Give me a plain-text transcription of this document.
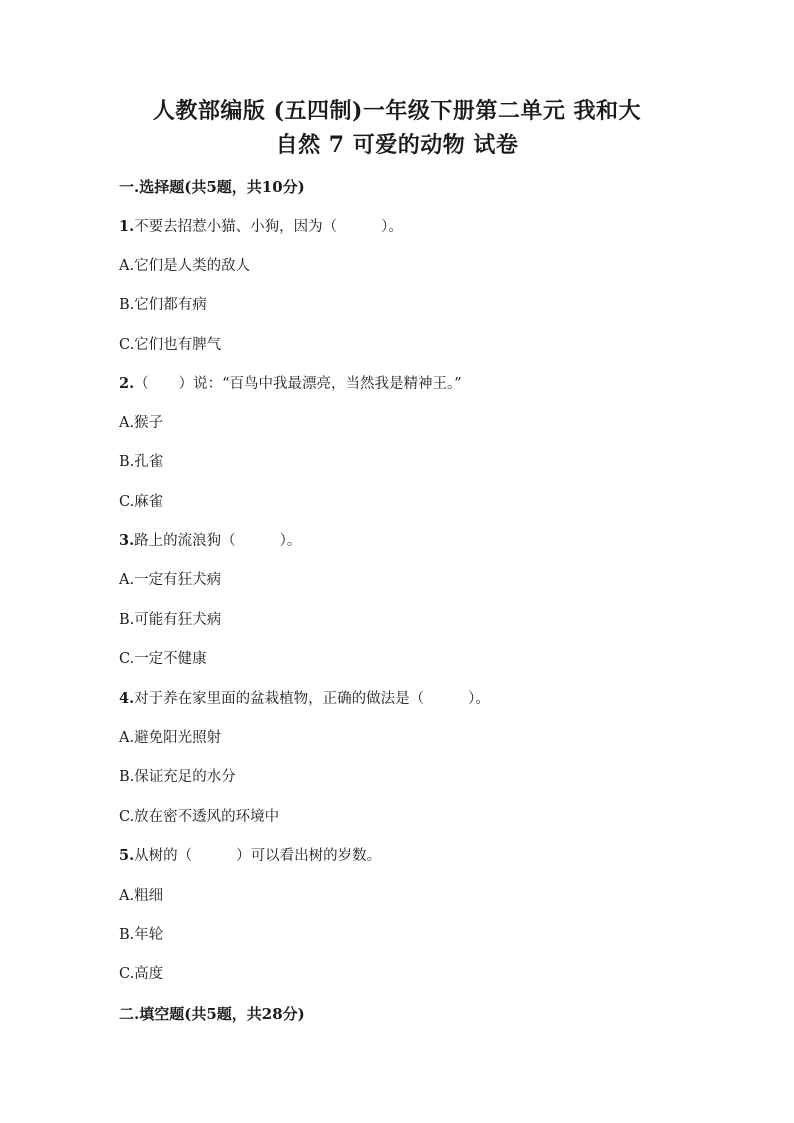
人教部编版 (五四制)一年级下册第二单元 我和大
自然 7 可爱的动物 试卷
一.选择题(共5题，共10分)
1.不要去招惹小猫、小狗，因为（	）。
A.它们是人类的敌人
B.它们都有病
C.它们也有脾气
2.（ ）说：“百鸟中我最漂亮，当然我是精神王。”
A.猴子
B.孔雀
C.麻雀
3.路上的流浪狗（	）。
A.一定有狂犬病
B.可能有狂犬病
C.一定不健康
4.对于养在家里面的盆栽植物，正确的做法是（	）。
A.避免阳光照射
B.保证充足的水分
C.放在密不透风的环境中
5.从树的（	）可以看出树的岁数。
A.粗细
B.年轮
C.高度
二.填空题(共5题，共28分)
